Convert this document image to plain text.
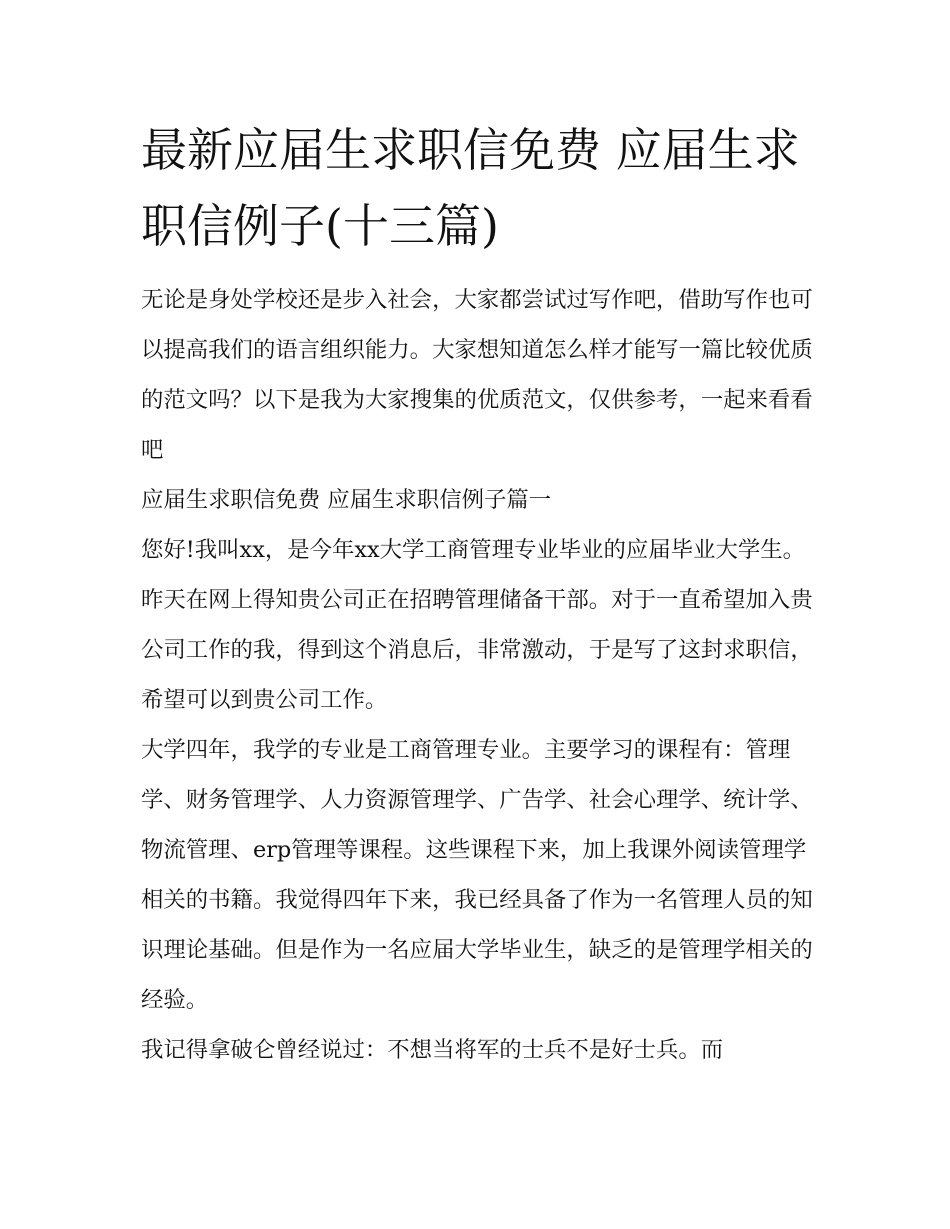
最新应届生求职信免费 应届生求职信例子(十三篇)

无论是身处学校还是步入社会，大家都尝试过写作吧，借助写作也可以提高我们的语言组织能力。大家想知道怎么样才能写一篇比较优质的范文吗？以下是我为大家搜集的优质范文，仅供参考，一起来看看吧

应届生求职信免费 应届生求职信例子篇一

您好!我叫xx，是今年xx大学工商管理专业毕业的应届毕业大学生。昨天在网上得知贵公司正在招聘管理储备干部。对于一直希望加入贵公司工作的我，得到这个消息后，非常激动，于是写了这封求职信，希望可以到贵公司工作。

大学四年，我学的专业是工商管理专业。主要学习的课程有：管理学、财务管理学、人力资源管理学、广告学、社会心理学、统计学、物流管理、erp管理等课程。这些课程下来，加上我课外阅读管理学相关的书籍。我觉得四年下来，我已经具备了作为一名管理人员的知识理论基础。但是作为一名应届大学毕业生，缺乏的是管理学相关的经验。

我记得拿破仑曾经说过：不想当将军的士兵不是好士兵。而
